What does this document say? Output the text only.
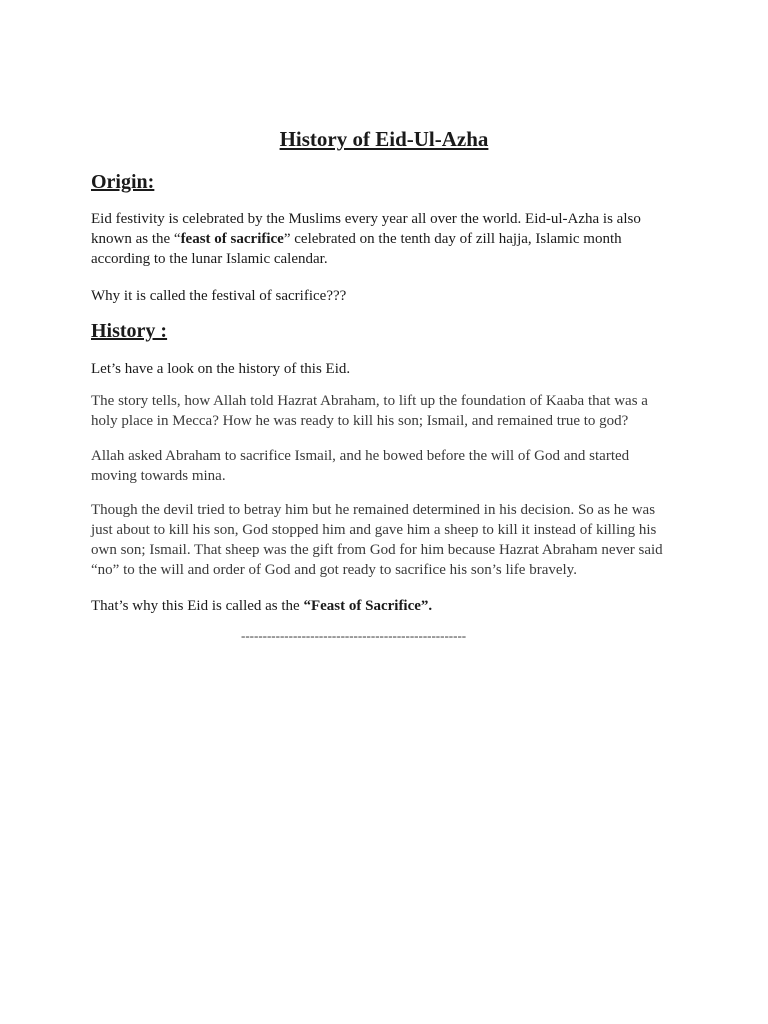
History of Eid-Ul-Azha
Origin:

Eid festivity is celebrated by the Muslims every year all over the world. Eid-ul-Azha is also known as the “feast of sacrifice” celebrated on the tenth day of zill hajja, Islamic month according to the lunar Islamic calendar.

Why it is called the festival of sacrifice???

History :

Let’s have a look on the history of this Eid.

The story tells, how Allah told Hazrat Abraham, to lift up the foundation of Kaaba that was a holy place in Mecca? How he was ready to kill his son; Ismail, and remained true to god?

Allah asked Abraham to sacrifice Ismail, and he bowed before the will of God and started moving towards mina.

Though the devil tried to betray him but he remained determined in his decision. So as he was just about to kill his son, God stopped him and gave him a sheep to kill it instead of killing his own son; Ismail. That sheep was the gift from God for him because Hazrat Abraham never said “no” to the will and order of God and got ready to sacrifice his son’s life bravely.

That’s why this Eid is called as the “Feast of Sacrifice”.

----------------------------------------------------
